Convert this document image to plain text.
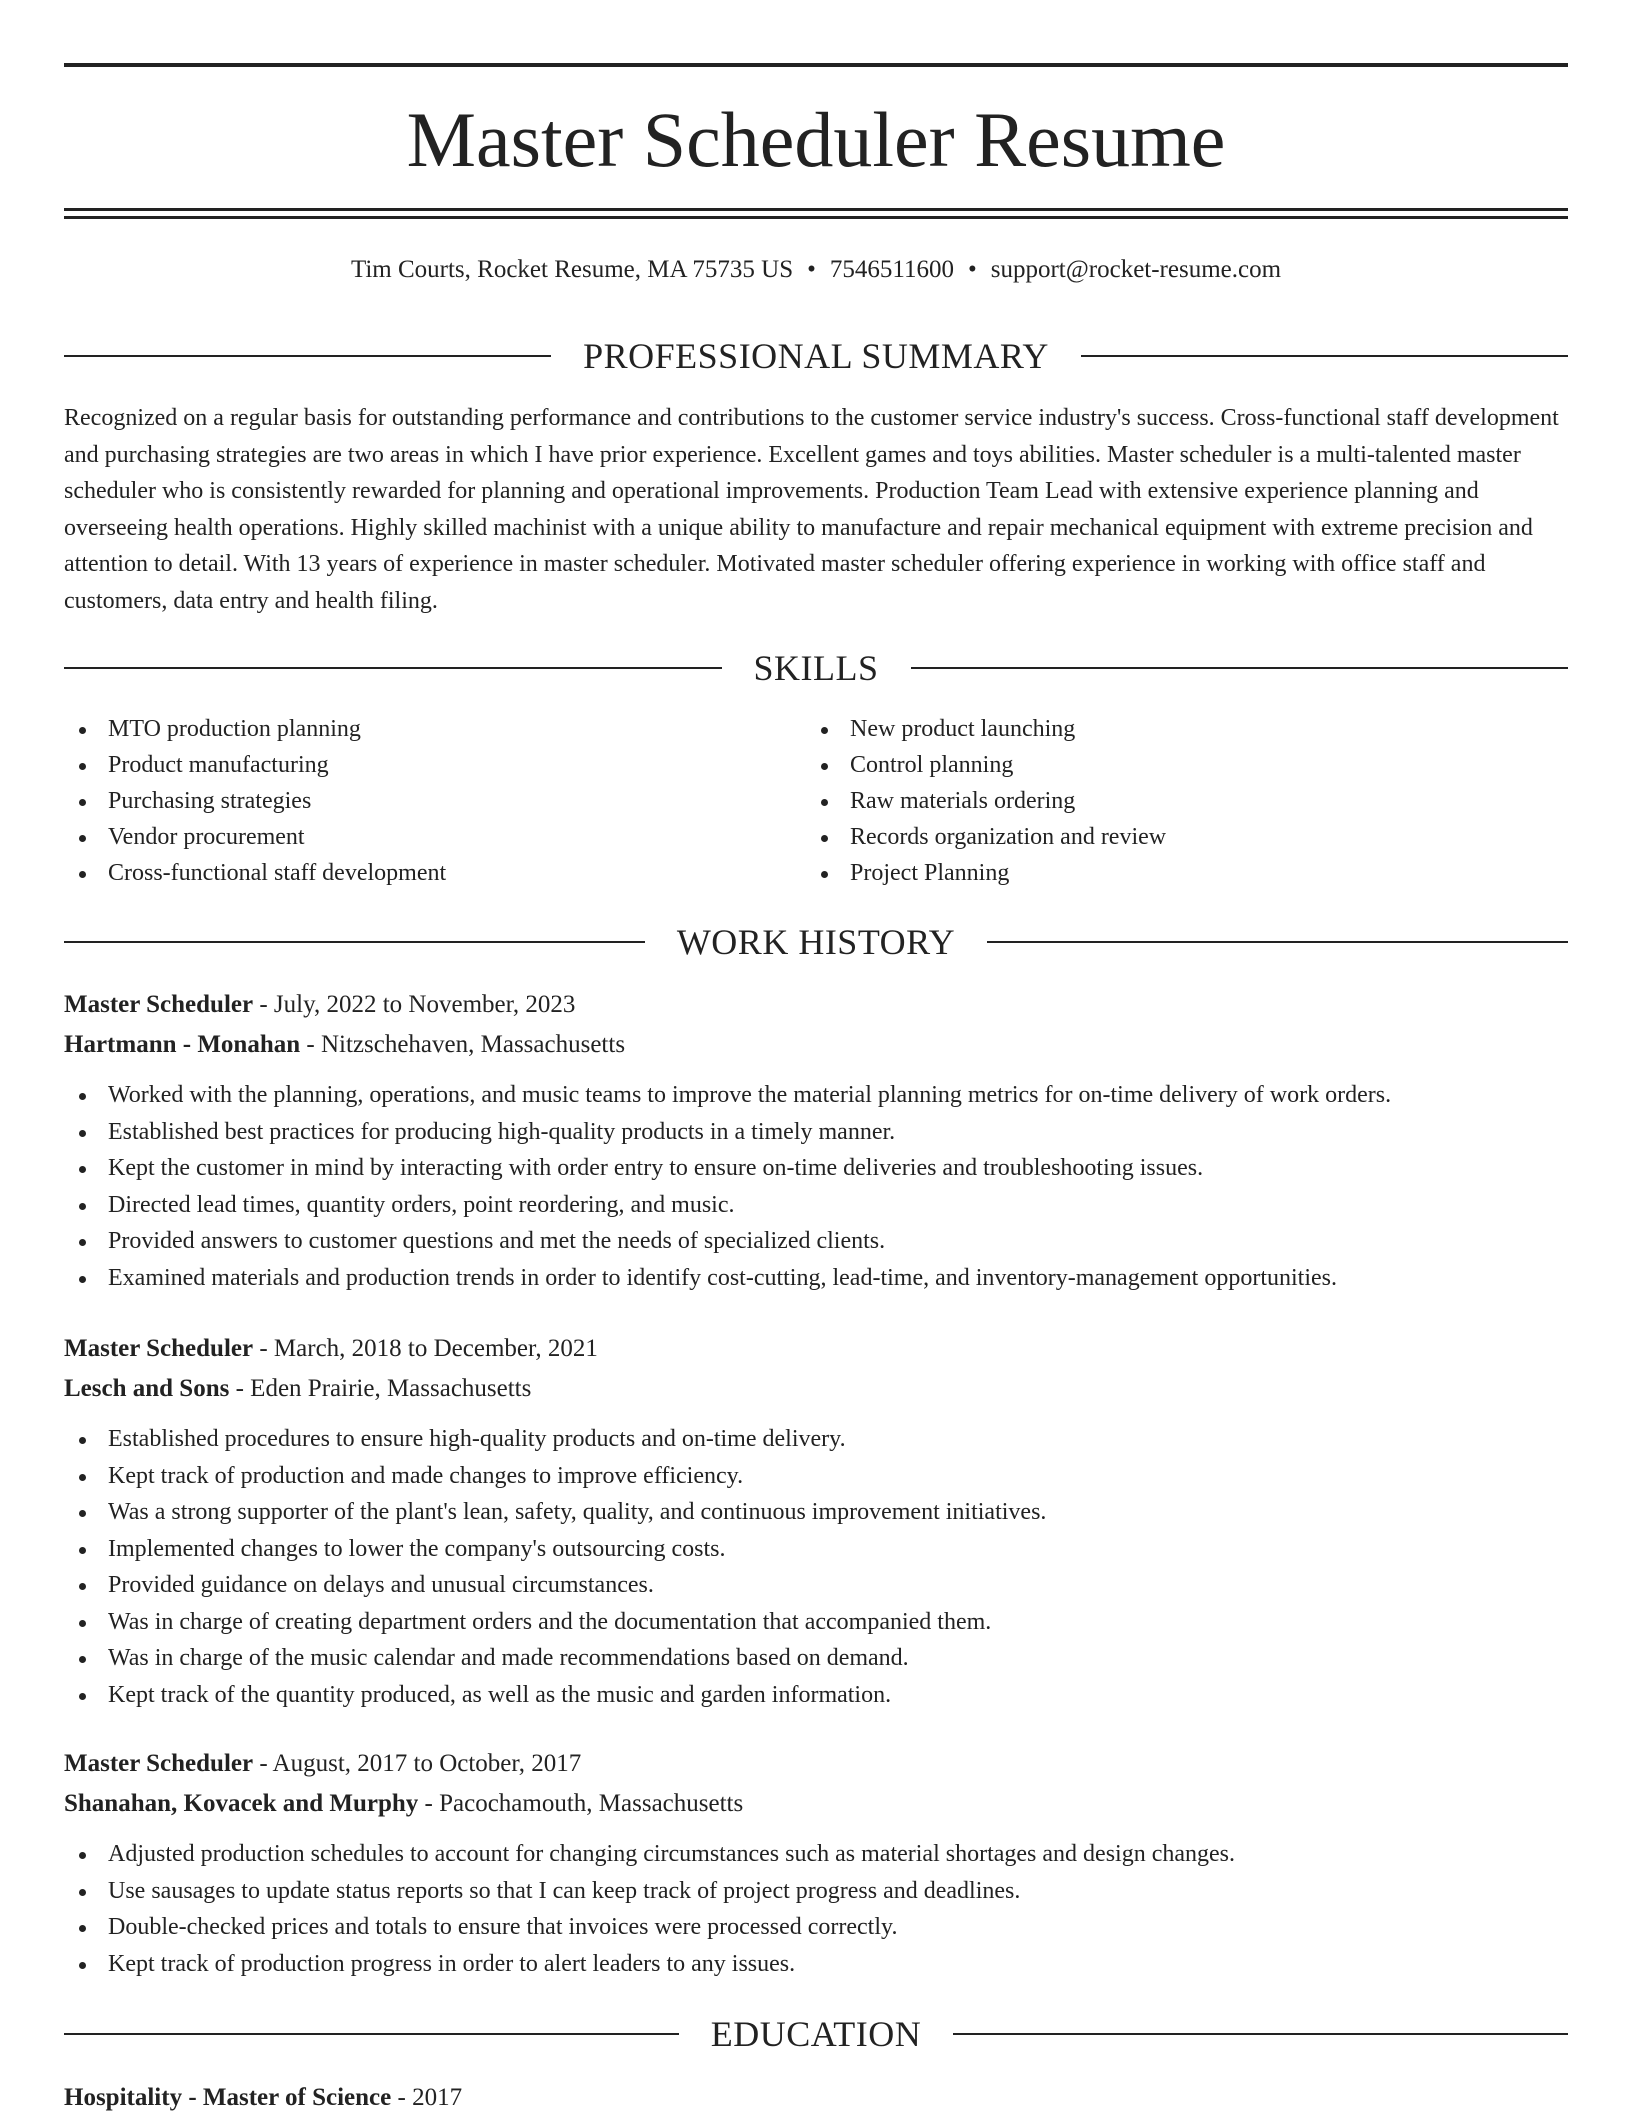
Master Scheduler Resume
Tim Courts, Rocket Resume, MA 75735 US • 7546511600 • support@rocket-resume.com
PROFESSIONAL SUMMARY

Recognized on a regular basis for outstanding performance and contributions to the customer service industry's success. Cross-functional staff development and purchasing strategies are two areas in which I have prior experience. Excellent games and toys abilities. Master scheduler is a multi-talented master scheduler who is consistently rewarded for planning and operational improvements. Production Team Lead with extensive experience planning and overseeing health operations. Highly skilled machinist with a unique ability to manufacture and repair mechanical equipment with extreme precision and attention to detail. With 13 years of experience in master scheduler. Motivated master scheduler offering experience in working with office staff and customers, data entry and health filing.

SKILLS
MTO production planning
Product manufacturing
Purchasing strategies
Vendor procurement
Cross-functional staff development
New product launching
Control planning
Raw materials ordering
Records organization and review
Project Planning
WORK HISTORY
Master Scheduler - July, 2022 to November, 2023
Hartmann - Monahan - Nitzschehaven, Massachusetts
Worked with the planning, operations, and music teams to improve the material planning metrics for on-time delivery of work orders.
Established best practices for producing high-quality products in a timely manner.
Kept the customer in mind by interacting with order entry to ensure on-time deliveries and troubleshooting issues.
Directed lead times, quantity orders, point reordering, and music.
Provided answers to customer questions and met the needs of specialized clients.
Examined materials and production trends in order to identify cost-cutting, lead-time, and inventory-management opportunities.
Master Scheduler - March, 2018 to December, 2021
Lesch and Sons - Eden Prairie, Massachusetts
Established procedures to ensure high-quality products and on-time delivery.
Kept track of production and made changes to improve efficiency.
Was a strong supporter of the plant's lean, safety, quality, and continuous improvement initiatives.
Implemented changes to lower the company's outsourcing costs.
Provided guidance on delays and unusual circumstances.
Was in charge of creating department orders and the documentation that accompanied them.
Was in charge of the music calendar and made recommendations based on demand.
Kept track of the quantity produced, as well as the music and garden information.
Master Scheduler - August, 2017 to October, 2017
Shanahan, Kovacek and Murphy - Pacochamouth, Massachusetts
Adjusted production schedules to account for changing circumstances such as material shortages and design changes.
Use sausages to update status reports so that I can keep track of project progress and deadlines.
Double-checked prices and totals to ensure that invoices were processed correctly.
Kept track of production progress in order to alert leaders to any issues.
EDUCATION
Hospitality - Master of Science - 2017
